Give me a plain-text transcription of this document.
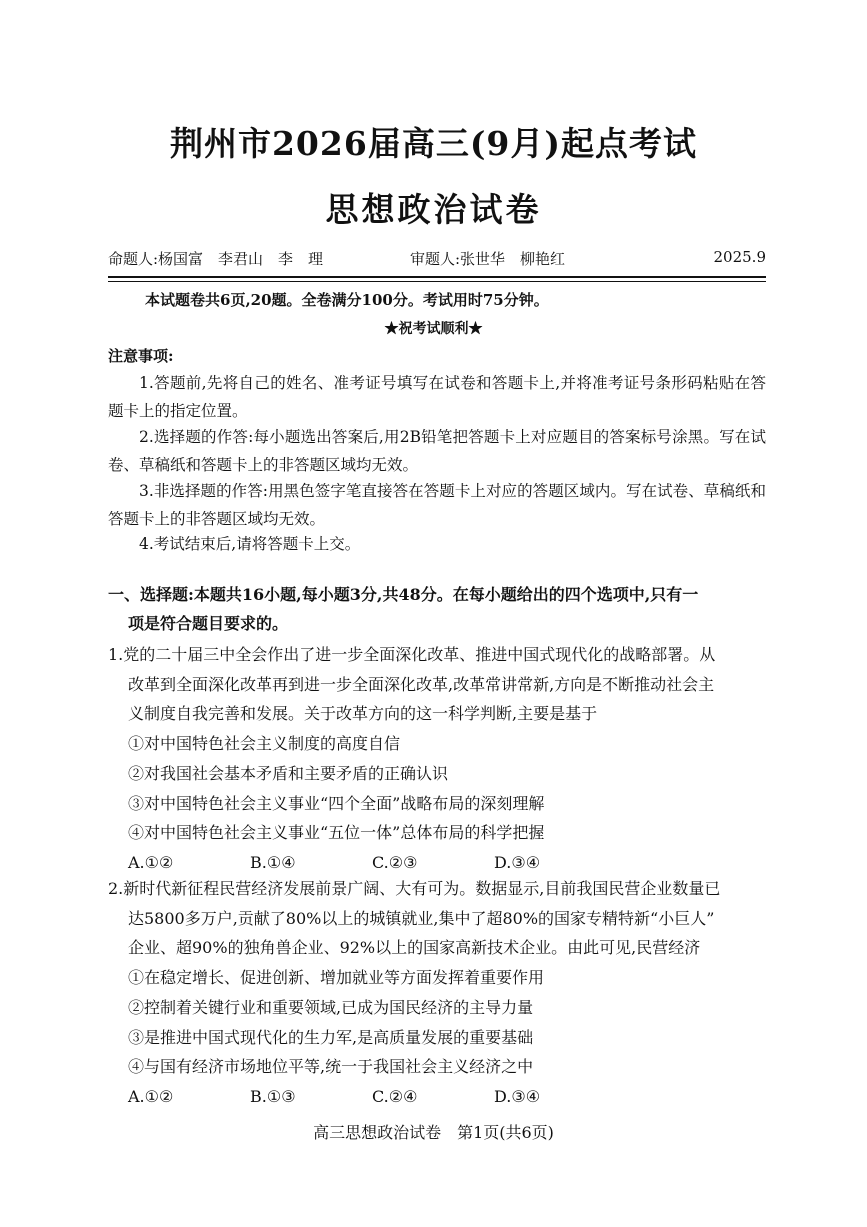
荆州市2026届高三(9月)起点考试
思想政治试卷
命题人:杨国富　李君山　李　理	审题人:张世华　柳艳红	2025.9
本试题卷共6页,20题。全卷满分100分。考试用时75分钟。
★祝考试顺利★
注意事项:
1.答题前,先将自己的姓名、准考证号填写在试卷和答题卡上,并将准考证号条形码粘贴在答题卡上的指定位置。
2.选择题的作答:每小题选出答案后,用2B铅笔把答题卡上对应题目的答案标号涂黑。写在试卷、草稿纸和答题卡上的非答题区域均无效。
3.非选择题的作答:用黑色签字笔直接答在答题卡上对应的答题区域内。写在试卷、草稿纸和答题卡上的非答题区域均无效。
4.考试结束后,请将答题卡上交。
一、选择题:本题共16小题,每小题3分,共48分。在每小题给出的四个选项中,只有一
项是符合题目要求的。
1.党的二十届三中全会作出了进一步全面深化改革、推进中国式现代化的战略部署。从
改革到全面深化改革再到进一步全面深化改革,改革常讲常新,方向是不断推动社会主
义制度自我完善和发展。关于改革方向的这一科学判断,主要是基于
①对中国特色社会主义制度的高度自信
②对我国社会基本矛盾和主要矛盾的正确认识
③对中国特色社会主义事业“四个全面”战略布局的深刻理解
④对中国特色社会主义事业“五位一体”总体布局的科学把握
A.①②	B.①④	C.②③	D.③④
2.新时代新征程民营经济发展前景广阔、大有可为。数据显示,目前我国民营企业数量已
达5800多万户,贡献了80%以上的城镇就业,集中了超80%的国家专精特新“小巨人”
企业、超90%的独角兽企业、92%以上的国家高新技术企业。由此可见,民营经济
①在稳定增长、促进创新、增加就业等方面发挥着重要作用
②控制着关键行业和重要领域,已成为国民经济的主导力量
③是推进中国式现代化的生力军,是高质量发展的重要基础
④与国有经济市场地位平等,统一于我国社会主义经济之中
A.①②	B.①③	C.②④	D.③④
高三思想政治试卷　第1页(共6页)
